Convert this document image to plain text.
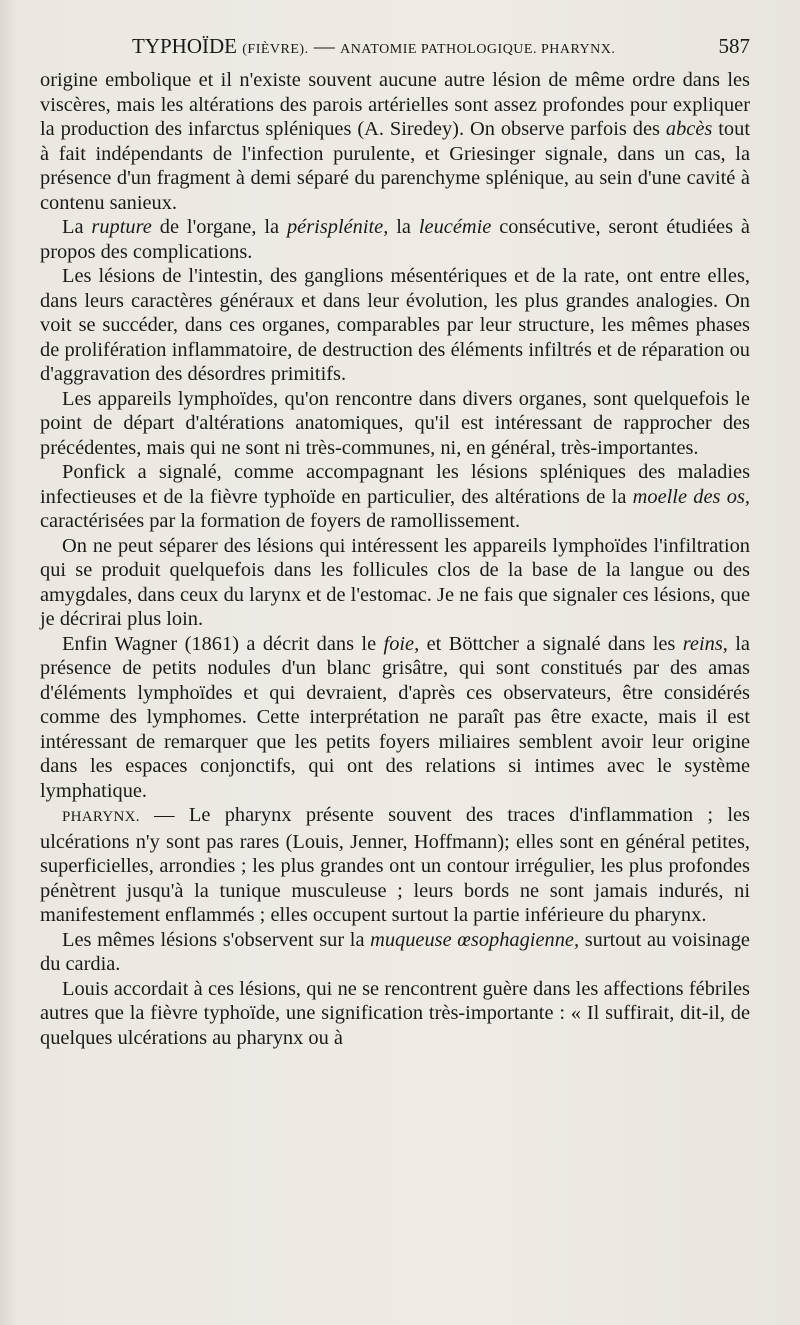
TYPHOÏDE (FIÈVRE). — ANATOMIE PATHOLOGIQUE. PHARYNX.	587

origine embolique et il n'existe souvent aucune autre lésion de même ordre dans les viscères, mais les altérations des parois artérielles sont assez profondes pour expliquer la production des infarctus spléniques (A. Siredey). On observe parfois des abcès tout à fait indépendants de l'infection purulente, et Griesinger signale, dans un cas, la présence d'un fragment à demi séparé du parenchyme splénique, au sein d'une cavité à contenu sanieux.

La rupture de l'organe, la périsplénite, la leucémie consécutive, seront étudiées à propos des complications.

Les lésions de l'intestin, des ganglions mésentériques et de la rate, ont entre elles, dans leurs caractères généraux et dans leur évolution, les plus grandes analogies. On voit se succéder, dans ces organes, comparables par leur structure, les mêmes phases de prolifération inflammatoire, de destruction des éléments infiltrés et de réparation ou d'aggravation des désordres primitifs.

Les appareils lymphoïdes, qu'on rencontre dans divers organes, sont quelquefois le point de départ d'altérations anatomiques, qu'il est intéressant de rapprocher des précédentes, mais qui ne sont ni très-communes, ni, en général, très-importantes.

Ponfick a signalé, comme accompagnant les lésions spléniques des maladies infectieuses et de la fièvre typhoïde en particulier, des altérations de la moelle des os, caractérisées par la formation de foyers de ramollissement.

On ne peut séparer des lésions qui intéressent les appareils lymphoïdes l'infiltration qui se produit quelquefois dans les follicules clos de la base de la langue ou des amygdales, dans ceux du larynx et de l'estomac. Je ne fais que signaler ces lésions, que je décrirai plus loin.

Enfin Wagner (1861) a décrit dans le foie, et Böttcher a signalé dans les reins, la présence de petits nodules d'un blanc grisâtre, qui sont constitués par des amas d'éléments lymphoïdes et qui devraient, d'après ces observateurs, être considérés comme des lymphomes. Cette interprétation ne paraît pas être exacte, mais il est intéressant de remarquer que les petits foyers miliaires semblent avoir leur origine dans les espaces conjonctifs, qui ont des relations si intimes avec le système lymphatique.

PHARYNX. — Le pharynx présente souvent des traces d'inflammation ; les ulcérations n'y sont pas rares (Louis, Jenner, Hoffmann); elles sont en général petites, superficielles, arrondies ; les plus grandes ont un contour irrégulier, les plus profondes pénètrent jusqu'à la tunique musculeuse ; leurs bords ne sont jamais indurés, ni manifestement enflammés ; elles occupent surtout la partie inférieure du pharynx.

Les mêmes lésions s'observent sur la muqueuse œsophagienne, surtout au voisinage du cardia.

Louis accordait à ces lésions, qui ne se rencontrent guère dans les affections fébriles autres que la fièvre typhoïde, une signification très-importante : « Il suffirait, dit-il, de quelques ulcérations au pharynx ou à
